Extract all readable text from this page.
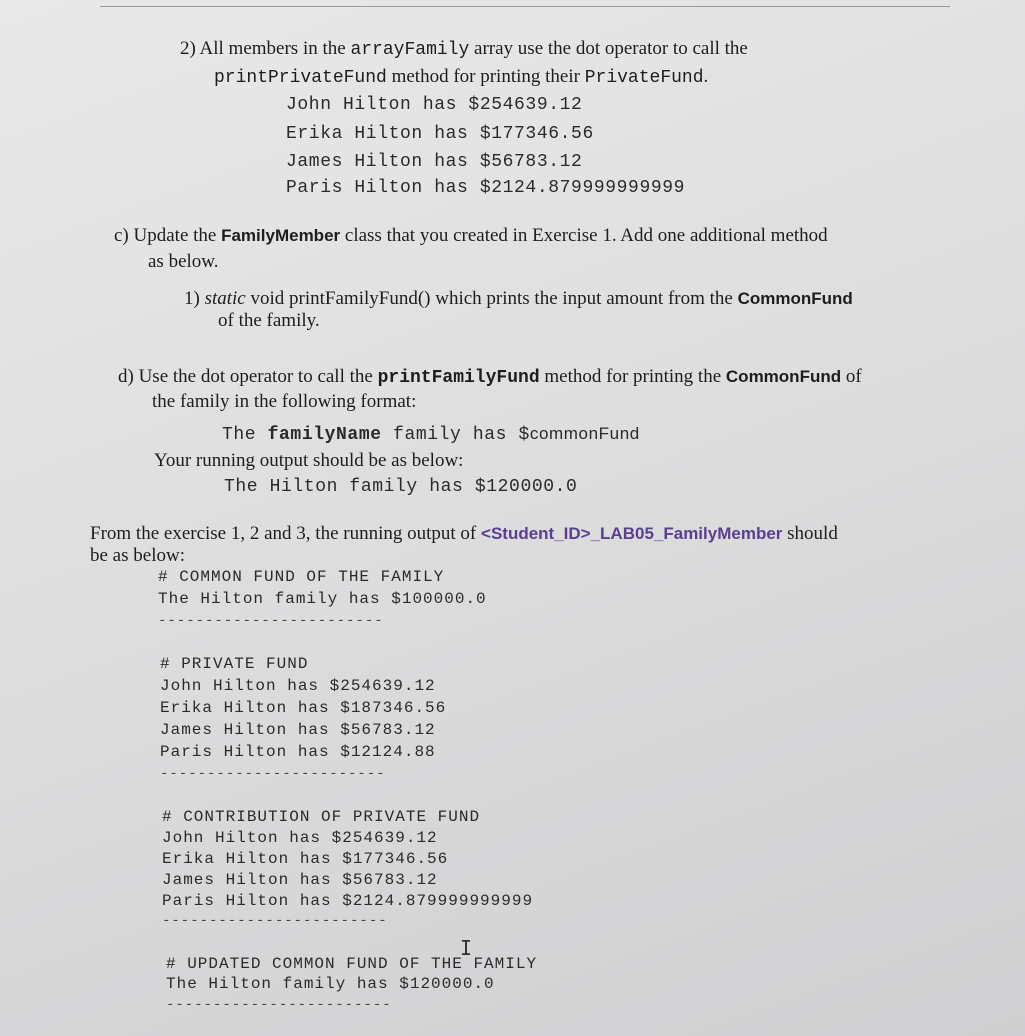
2) All members in the arrayFamily array use the dot operator to call the
printPrivateFund method for printing their PrivateFund.
John Hilton has $254639.12
Erika Hilton has $177346.56
James Hilton has $56783.12
Paris Hilton has $2124.879999999999
c) Update the FamilyMember class that you created in Exercise 1. Add one additional method
as below.
1) static void printFamilyFund() which prints the input amount from the CommonFund
of the family.
d) Use the dot operator to call the printFamilyFund method for printing the CommonFund of
the family in the following format:
The familyName family has $commonFund
Your running output should be as below:
The Hilton family has $120000.0
From the exercise 1, 2 and 3, the running output of <Student_ID>_LAB05_FamilyMember should
be as below:
# COMMON FUND OF THE FAMILY
The Hilton family has $100000.0
------------------------
# PRIVATE FUND
John Hilton has $254639.12
Erika Hilton has $187346.56
James Hilton has $56783.12
Paris Hilton has $12124.88
------------------------
# CONTRIBUTION OF PRIVATE FUND
John Hilton has $254639.12
Erika Hilton has $177346.56
James Hilton has $56783.12
Paris Hilton has $2124.879999999999
------------------------
I
# UPDATED COMMON FUND OF THE FAMILY
The Hilton family has $120000.0
------------------------
